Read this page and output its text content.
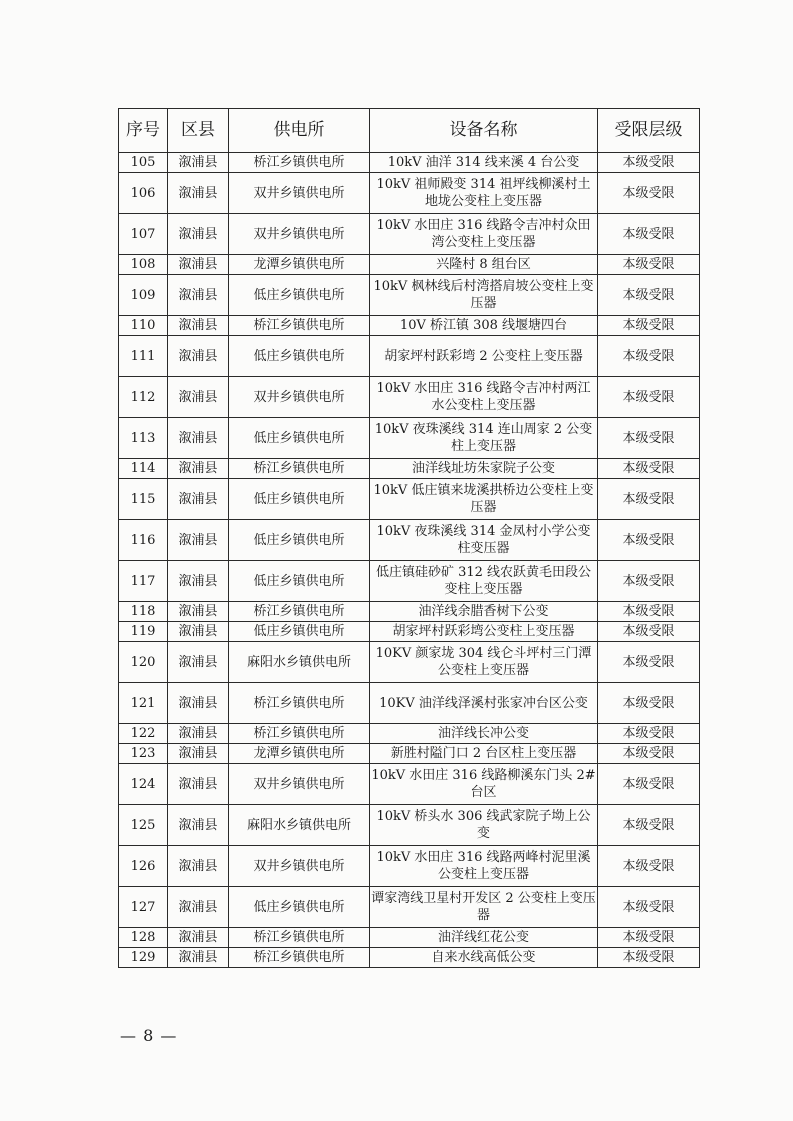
序号	区县	供电所	设备名称	受限层级
105	溆浦县	桥江乡镇供电所	10kV 油洋 314 线来溪 4 台公变	本级受限
106	溆浦县	双井乡镇供电所	10kV 祖师殿变 314 祖坪线柳溪村土地垅公变柱上变压器	本级受限
107	溆浦县	双井乡镇供电所	10kV 水田庄 316 线路令吉冲村众田湾公变柱上变压器	本级受限
108	溆浦县	龙潭乡镇供电所	兴隆村 8 组台区	本级受限
109	溆浦县	低庄乡镇供电所	10kV 枫林线后村湾搭肩坡公变柱上变压器	本级受限
110	溆浦县	桥江乡镇供电所	10V 桥江镇 308 线堰塘四台	本级受限
111	溆浦县	低庄乡镇供电所	胡家坪村跃彩塆 2 公变柱上变压器	本级受限
112	溆浦县	双井乡镇供电所	10kV 水田庄 316 线路令吉冲村两江水公变柱上变压器	本级受限
113	溆浦县	低庄乡镇供电所	10kV 夜珠溪线 314 连山周家 2 公变柱上变压器	本级受限
114	溆浦县	桥江乡镇供电所	油洋线址坊朱家院子公变	本级受限
115	溆浦县	低庄乡镇供电所	10kV 低庄镇来垅溪拱桥边公变柱上变压器	本级受限
116	溆浦县	低庄乡镇供电所	10kV 夜珠溪线 314 金凤村小学公变柱变压器	本级受限
117	溆浦县	低庄乡镇供电所	低庄镇硅砂矿 312 线农跃黄毛田段公变柱上变压器	本级受限
118	溆浦县	桥江乡镇供电所	油洋线余腊香树下公变	本级受限
119	溆浦县	低庄乡镇供电所	胡家坪村跃彩塆公变柱上变压器	本级受限
120	溆浦县	麻阳水乡镇供电所	10KV 颜家垅 304 线仑斗坪村三门潭公变柱上变压器	本级受限
121	溆浦县	桥江乡镇供电所	10KV 油洋线泽溪村张家冲台区公变	本级受限
122	溆浦县	桥江乡镇供电所	油洋线长冲公变	本级受限
123	溆浦县	龙潭乡镇供电所	新胜村隘门口 2 台区柱上变压器	本级受限
124	溆浦县	双井乡镇供电所	10kV 水田庄 316 线路柳溪东门头 2#台区	本级受限
125	溆浦县	麻阳水乡镇供电所	10kV 桥头水 306 线武家院子坳上公变	本级受限
126	溆浦县	双井乡镇供电所	10kV 水田庄 316 线路两峰村泥里溪公变柱上变压器	本级受限
127	溆浦县	低庄乡镇供电所	谭家湾线卫星村开发区 2 公变柱上变压器	本级受限
128	溆浦县	桥江乡镇供电所	油洋线红花公变	本级受限
129	溆浦县	桥江乡镇供电所	自来水线高低公变	本级受限
— 8 —
